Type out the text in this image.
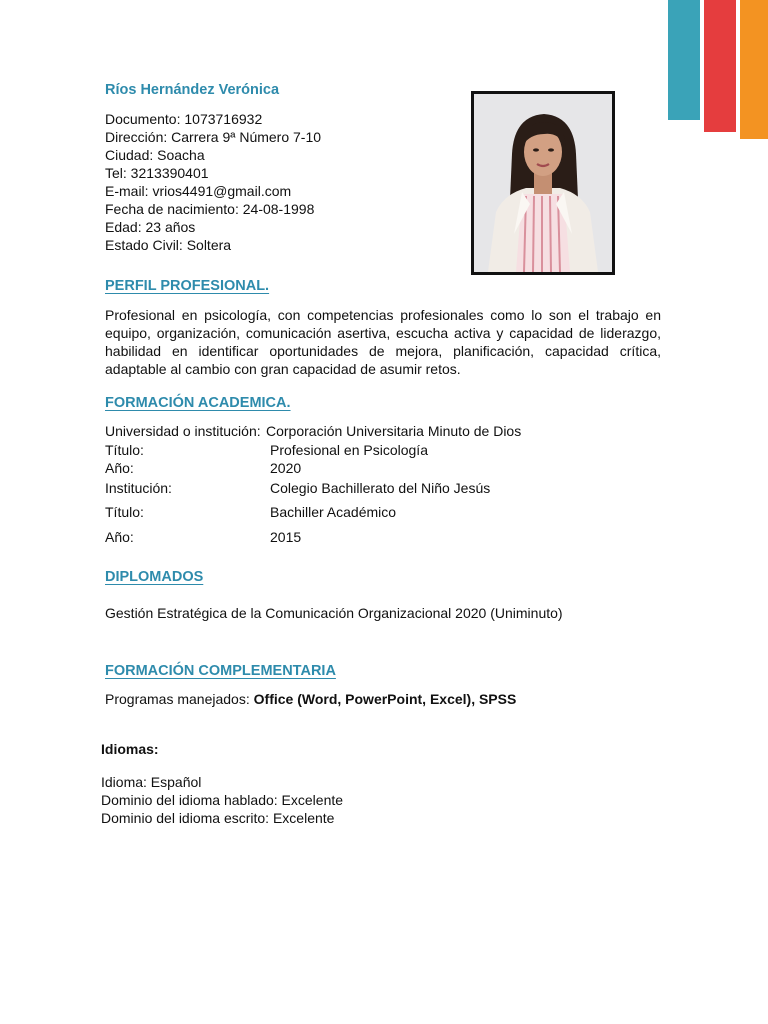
Ríos Hernández Verónica
Documento: 1073716932
Dirección: Carrera 9ª Número 7-10
Ciudad: Soacha
Tel: 3213390401
E-mail: vrios4491@gmail.com
Fecha de nacimiento: 24-08-1998
Edad: 23 años
Estado Civil: Soltera
PERFIL PROFESIONAL.
Profesional en psicología, con competencias profesionales como lo son el trabajo en equipo, organización, comunicación asertiva, escucha activa y capacidad de liderazgo, habilidad en identificar oportunidades de mejora, planificación, capacidad crítica, adaptable al cambio con gran capacidad de asumir retos.
FORMACIÓN ACADEMICA.
Universidad o institución: Corporación Universitaria Minuto de Dios
Título:	Profesional en Psicología
Año:	2020
Institución:	Colegio Bachillerato del Niño Jesús
Título:	Bachiller Académico
Año:	2015
DIPLOMADOS
Gestión Estratégica de la Comunicación Organizacional 2020 (Uniminuto)
FORMACIÓN COMPLEMENTARIA
Programas manejados: Office (Word, PowerPoint, Excel), SPSS
Idiomas:
Idioma: Español
Dominio del idioma hablado: Excelente
Dominio del idioma escrito: Excelente
